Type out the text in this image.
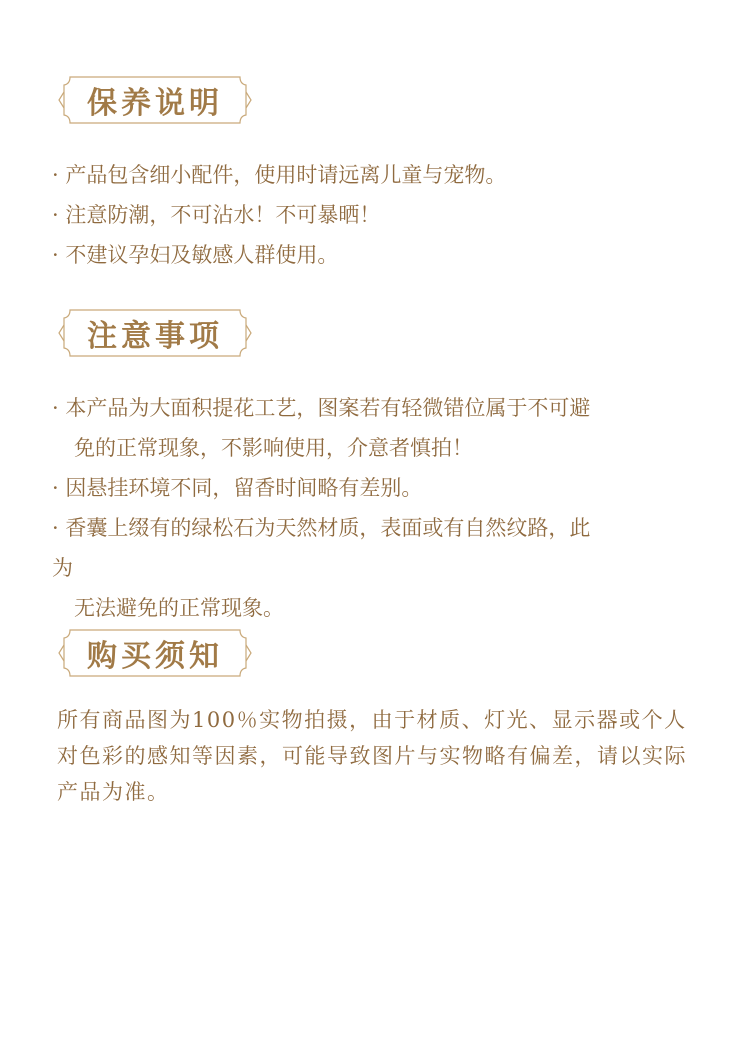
保养说明
· 产品包含细小配件，使用时请远离儿童与宠物。
· 注意防潮，不可沾水！不可暴晒！
· 不建议孕妇及敏感人群使用。
注意事项
· 本产品为大面积提花工艺，图案若有轻微错位属于不可避
免的正常现象，不影响使用，介意者慎拍！
· 因悬挂环境不同，留香时间略有差别。
· 香囊上缀有的绿松石为天然材质，表面或有自然纹路，此
为
无法避免的正常现象。
购买须知
所有商品图为100％实物拍摄，由于材质、灯光、显示器或个人对色彩的感知等因素，可能导致图片与实物略有偏差，请以实际产品为准。
